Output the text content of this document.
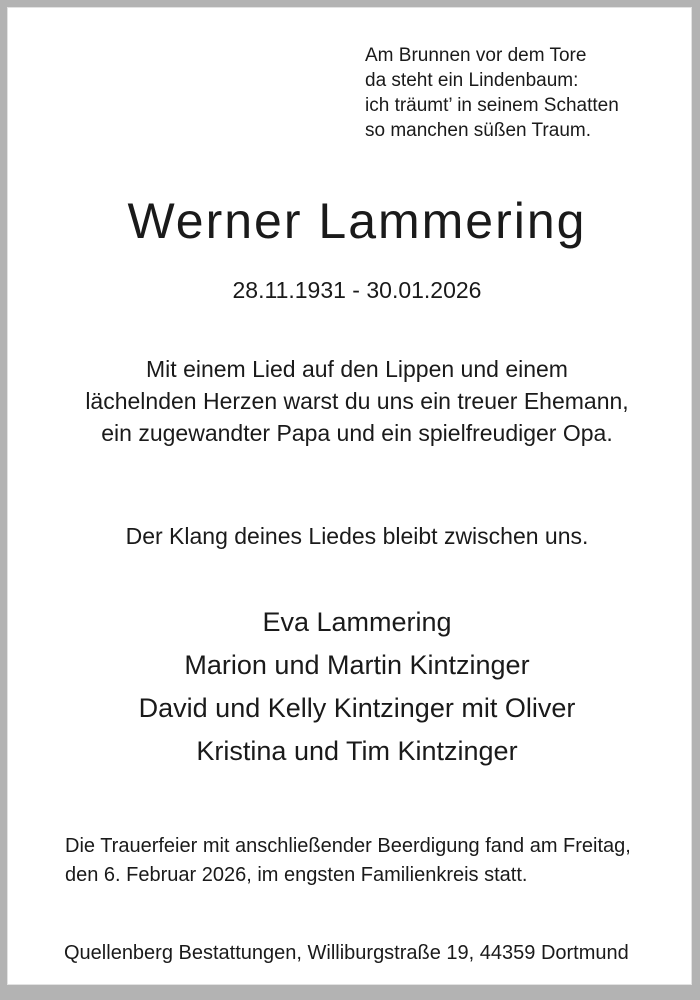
Am Brunnen vor dem Tore
da steht ein Lindenbaum:
ich träumt’ in seinem Schatten
so manchen süßen Traum.
Werner Lammering
28.11.1931 - 30.01.2026
Mit einem Lied auf den Lippen und einem
lächelnden Herzen warst du uns ein treuer Ehemann,
ein zugewandter Papa und ein spielfreudiger Opa.
Der Klang deines Liedes bleibt zwischen uns.
Eva Lammering
Marion und Martin Kintzinger
David und Kelly Kintzinger mit Oliver
Kristina und Tim Kintzinger
Die Trauerfeier mit anschließender Beerdigung fand am Freitag,
den 6. Februar 2026, im engsten Familienkreis statt.
Quellenberg Bestattungen, Williburgstraße 19, 44359 Dortmund
